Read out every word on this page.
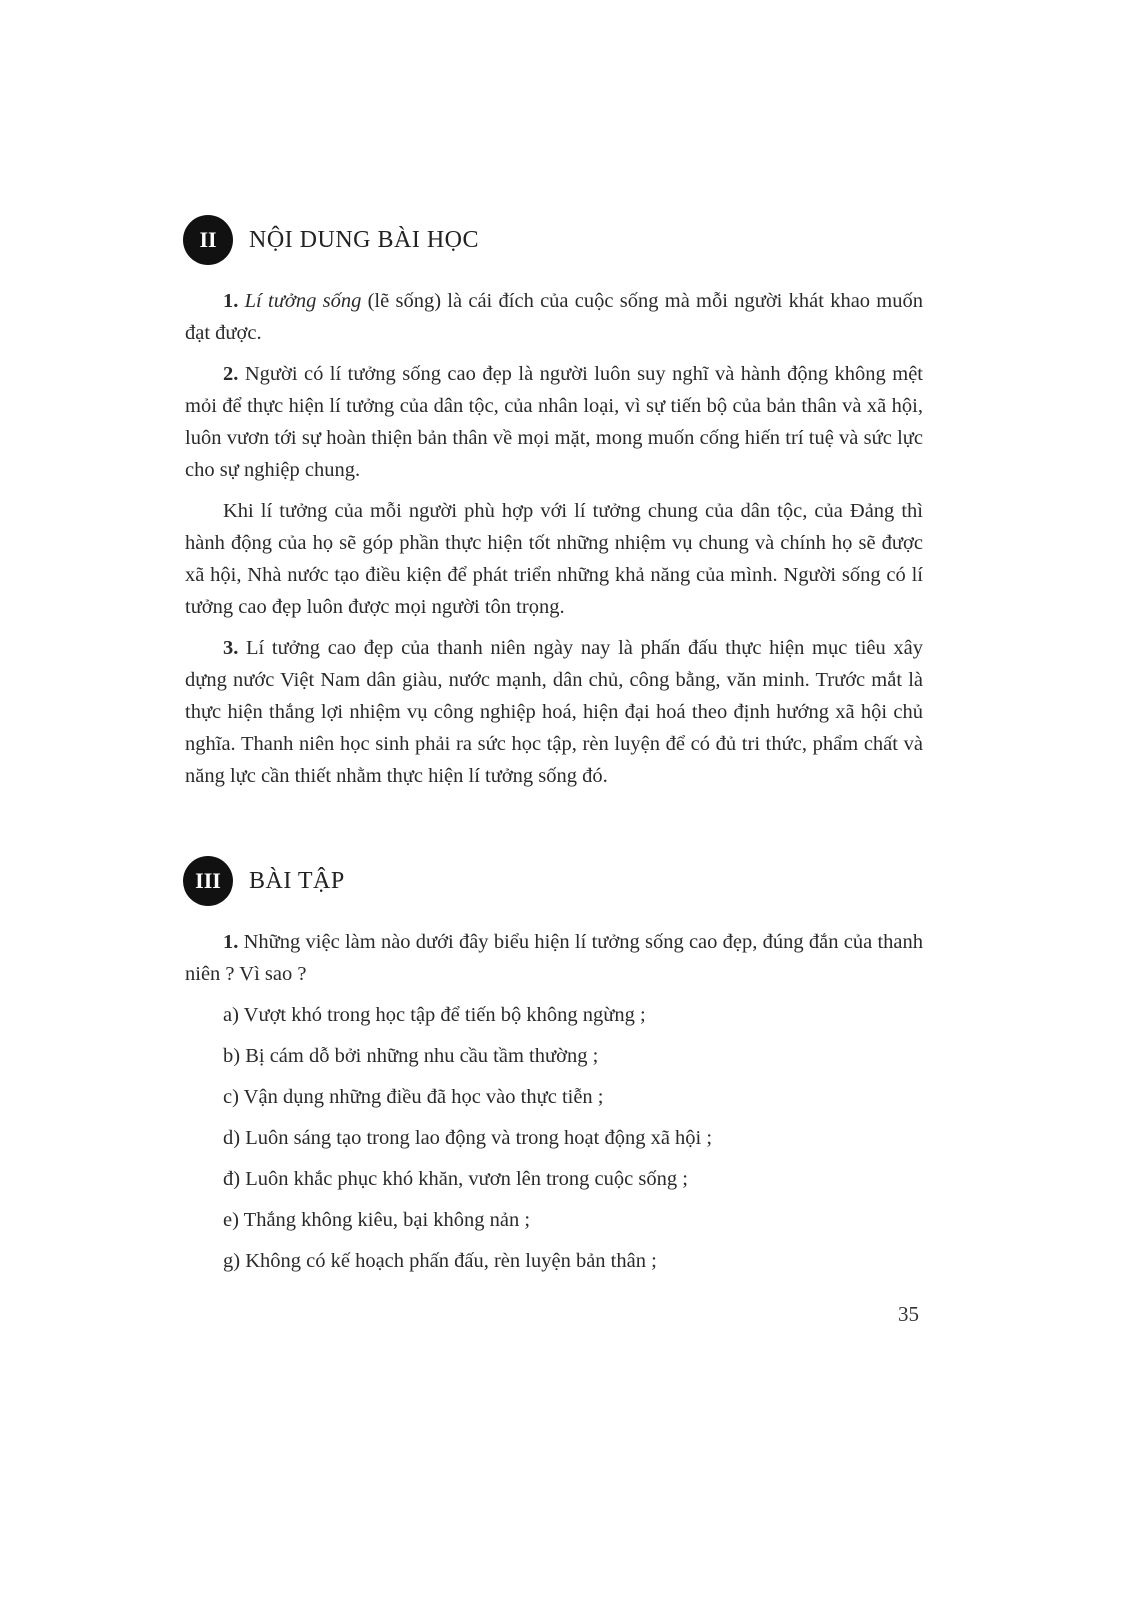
II	NỘI DUNG BÀI HỌC

1. Lí tưởng sống (lẽ sống) là cái đích của cuộc sống mà mỗi người khát khao muốn đạt được.

2. Người có lí tưởng sống cao đẹp là người luôn suy nghĩ và hành động không mệt mỏi để thực hiện lí tưởng của dân tộc, của nhân loại, vì sự tiến bộ của bản thân và xã hội, luôn vươn tới sự hoàn thiện bản thân về mọi mặt, mong muốn cống hiến trí tuệ và sức lực cho sự nghiệp chung.

Khi lí tưởng của mỗi người phù hợp với lí tưởng chung của dân tộc, của Đảng thì hành động của họ sẽ góp phần thực hiện tốt những nhiệm vụ chung và chính họ sẽ được xã hội, Nhà nước tạo điều kiện để phát triển những khả năng của mình. Người sống có lí tưởng cao đẹp luôn được mọi người tôn trọng.

3. Lí tưởng cao đẹp của thanh niên ngày nay là phấn đấu thực hiện mục tiêu xây dựng nước Việt Nam dân giàu, nước mạnh, dân chủ, công bằng, văn minh. Trước mắt là thực hiện thắng lợi nhiệm vụ công nghiệp hoá, hiện đại hoá theo định hướng xã hội chủ nghĩa. Thanh niên học sinh phải ra sức học tập, rèn luyện để có đủ tri thức, phẩm chất và năng lực cần thiết nhằm thực hiện lí tưởng sống đó.

III	BÀI TẬP

1. Những việc làm nào dưới đây biểu hiện lí tưởng sống cao đẹp, đúng đắn của thanh niên ? Vì sao ?

a) Vượt khó trong học tập để tiến bộ không ngừng ;

b) Bị cám dỗ bởi những nhu cầu tầm thường ;

c) Vận dụng những điều đã học vào thực tiễn ;

d) Luôn sáng tạo trong lao động và trong hoạt động xã hội ;

đ) Luôn khắc phục khó khăn, vươn lên trong cuộc sống ;

e) Thắng không kiêu, bại không nản ;

g) Không có kế hoạch phấn đấu, rèn luyện bản thân ;

35
